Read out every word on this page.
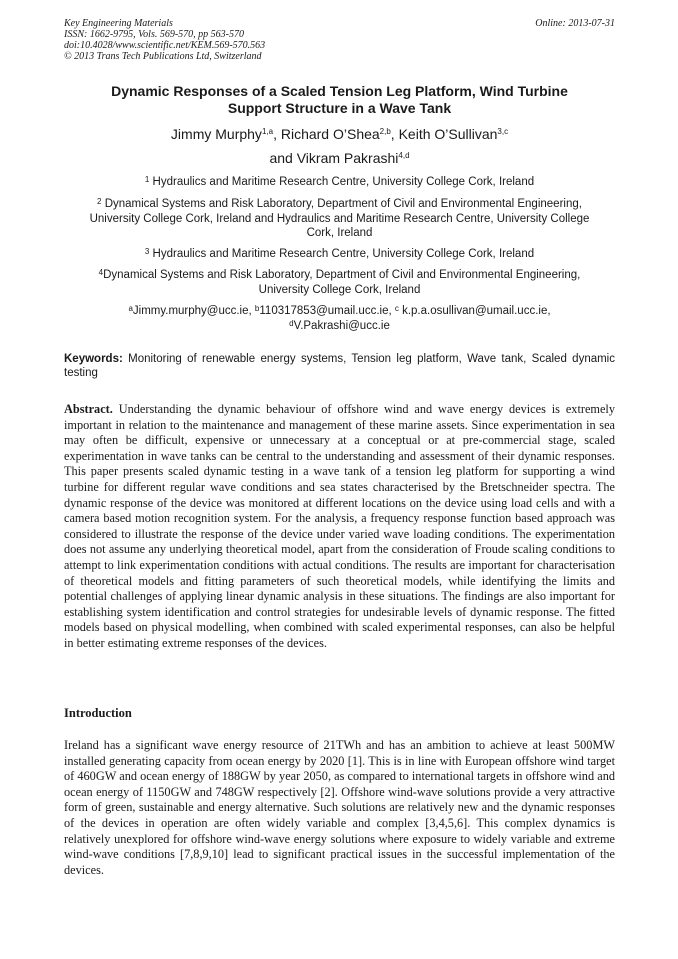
Key Engineering Materials
ISSN: 1662-9795, Vols. 569-570, pp 563-570
doi:10.4028/www.scientific.net/KEM.569-570.563
© 2013 Trans Tech Publications Ltd, Switzerland
Online: 2013-07-31
Dynamic Responses of a Scaled Tension Leg Platform, Wind Turbine
Support Structure in a Wave Tank
Jimmy Murphy$^{1,a}$, Richard O’Shea$^{2,b}$, Keith O’Sullivan$^{3,c}$
and Vikram Pakrashi$^{4,d}$
$^1$ Hydraulics and Maritime Research Centre, University College Cork, Ireland
$^2$ Dynamical Systems and Risk Laboratory, Department of Civil and Environmental Engineering,
University College Cork, Ireland and Hydraulics and Maritime Research Centre, University College
Cork, Ireland
$^3$ Hydraulics and Maritime Research Centre, University College Cork, Ireland
$^4$Dynamical Systems and Risk Laboratory, Department of Civil and Environmental Engineering,
University College Cork, Ireland
$^a$Jimmy.murphy@ucc.ie, $^b$110317853@umail.ucc.ie, $^c$ k.p.a.osullivan@umail.ucc.ie,
$^d$V.Pakrashi@ucc.ie
Keywords: Monitoring of renewable energy systems, Tension leg platform, Wave tank, Scaled dynamic testing
Abstract. Understanding the dynamic behaviour of offshore wind and wave energy devices is extremely important in relation to the maintenance and management of these marine assets. Since experimentation in sea may often be difficult, expensive or unnecessary at a conceptual or at pre-commercial stage, scaled experimentation in wave tanks can be central to the understanding and assessment of their dynamic responses. This paper presents scaled dynamic testing in a wave tank of a tension leg platform for supporting a wind turbine for different regular wave conditions and sea states characterised by the Bretschneider spectra. The dynamic response of the device was monitored at different locations on the device using load cells and with a camera based motion recognition system. For the analysis, a frequency response function based approach was considered to illustrate the response of the device under varied wave loading conditions. The experimentation does not assume any underlying theoretical model, apart from the consideration of Froude scaling conditions to attempt to link experimentation conditions with actual conditions. The results are important for characterisation of theoretical models and fitting parameters of such theoretical models, while identifying the limits and potential challenges of applying linear dynamic analysis in these situations. The findings are also important for establishing system identification and control strategies for undesirable levels of dynamic response. The fitted models based on physical modelling, when combined with scaled experimental responses, can also be helpful in better estimating extreme responses of the devices.
Introduction
Ireland has a significant wave energy resource of 21TWh and has an ambition to achieve at least 500MW installed generating capacity from ocean energy by 2020 [1]. This is in line with European offshore wind target of 460GW and ocean energy of 188GW by year 2050, as compared to international targets in offshore wind and ocean energy of 1150GW and 748GW respectively [2]. Offshore wind-wave solutions provide a very attractive form of green, sustainable and energy alternative. Such solutions are relatively new and the dynamic responses of the devices in operation are often widely variable and complex [3,4,5,6]. This complex dynamics is relatively unexplored for offshore wind-wave energy solutions where exposure to widely variable and extreme wind-wave conditions [7,8,9,10] lead to significant practical issues in the successful implementation of the devices.
